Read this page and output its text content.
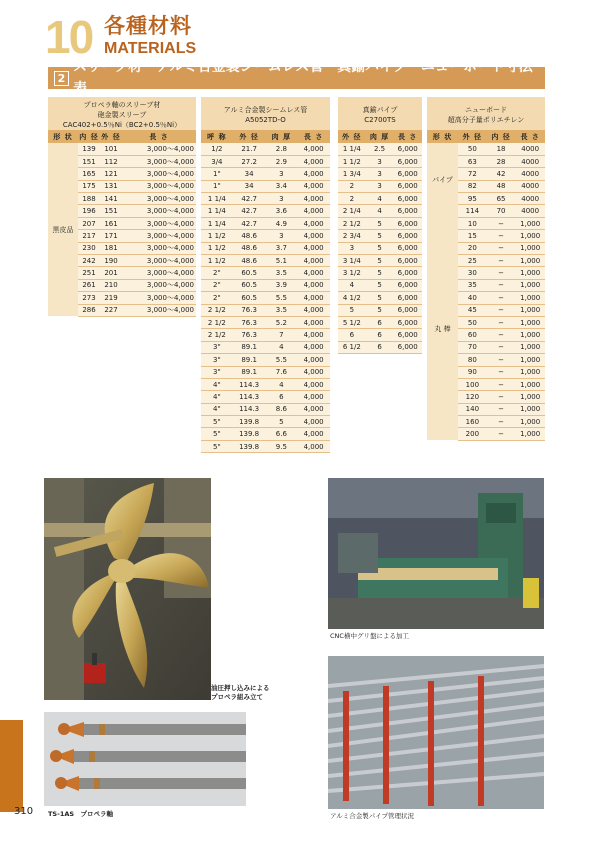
10 各種材料
MATERIALS
2
スリーブ材・アルミ合金製シームレス管・真鍮パイプ・ニューボード寸法表
プロペラ軸のスリーブ材
砲金製スリーブ
CAC402+0.5％Ni（BC2+0.5％Ni）
形 状	内 径	外 径	長 さ
黒皮品	139	101	3,000〜4,000
	151	112	3,000〜4,000
	165	121	3,000〜4,000
	175	131	3,000〜4,000
	188	141	3,000〜4,000
	196	151	3,000〜4,000
	207	161	3,000〜4,000
	217	171	3,000〜4,000
	230	181	3,000〜4,000
	242	190	3,000〜4,000
	251	201	3,000〜4,000
	261	210	3,000〜4,000
	273	219	3,000〜4,000
	286	227	3,000〜4,000
アルミ合金製シームレス管
A5052TD-O
呼 称	外 径	肉 厚	長 さ
1/2	21.7	2.8	4,000
3/4	27.2	2.9	4,000
1"	34	3	4,000
1"	34	3.4	4,000
1 1/4	42.7	3	4,000
1 1/4	42.7	3.6	4,000
1 1/4	42.7	4.9	4,000
1 1/2	48.6	3	4,000
1 1/2	48.6	3.7	4,000
1 1/2	48.6	5.1	4,000
2"	60.5	3.5	4,000
2"	60.5	3.9	4,000
2"	60.5	5.5	4,000
2 1/2	76.3	3.5	4,000
2 1/2	76.3	5.2	4,000
2 1/2	76.3	7	4,000
3"	89.1	4	4,000
3"	89.1	5.5	4,000
3"	89.1	7.6	4,000
4"	114.3	4	4,000
4"	114.3	6	4,000
4"	114.3	8.6	4,000
5"	139.8	5	4,000
5"	139.8	6.6	4,000
5"	139.8	9.5	4,000
真鍮パイプ
C2700TS
外 径	肉 厚	長 さ
1 1/4	2.5	6,000
1 1/2	3	6,000
1 3/4	3	6,000
2	3	6,000
2	4	6,000
2 1/4	4	6,000
2 1/2	5	6,000
2 3/4	5	6,000
3	5	6,000
3 1/4	5	6,000
3 1/2	5	6,000
4	5	6,000
4 1/2	5	6,000
5	5	6,000
5 1/2	6	6,000
6	6	6,000
6 1/2	6	6,000
ニューボード
超高分子量ポリエチレン
形 状	外 径	内 径	長 さ
パイプ	50	18	4000
	63	28	4000
	72	42	4000
	82	48	4000
	95	65	4000
	114	70	4000
丸 棒	10	−	1,000
	15	−	1,000
	20	−	1,000
	25	−	1,000
	30	−	1,000
	35	−	1,000
	40	−	1,000
	45	−	1,000
	50	−	1,000
	60	−	1,000
	70	−	1,000
	80	−	1,000
	90	−	1,000
	100	−	1,000
	120	−	1,000
	140	−	1,000
	160	−	1,000
	200	−	1,000
油圧押し込みによる
プロペラ組み立て
CNC横中グリ盤による加工
TS-1AS　プロペラ軸	アルミ合金製パイプ管理状況
310
